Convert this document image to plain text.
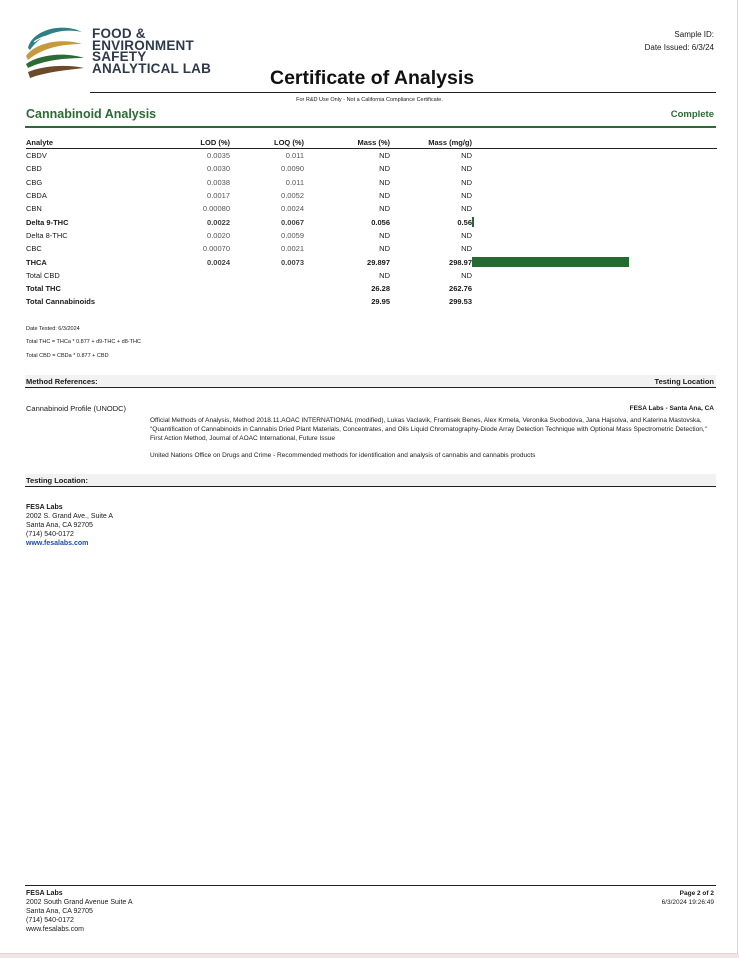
FOOD &
ENVIRONMENT
SAFETY
ANALYTICAL LAB
Sample ID:
Date Issued: 6/3/24
Certificate of Analysis
For R&D Use Only - Not a California Compliance Certificate.
Cannabinoid Analysis	Complete
Analyte	LOD (%)	LOQ (%)	Mass (%)	Mass (mg/g)	
CBDV	0.0035	0.011	ND	ND	
CBD	0.0030	0.0090	ND	ND	
CBG	0.0038	0.011	ND	ND	
CBDA	0.0017	0.0052	ND	ND	
CBN	0.00080	0.0024	ND	ND	
Delta 9-THC	0.0022	0.0067	0.056	0.56	

Delta 8-THC	0.0020	0.0059	ND	ND	
CBC	0.00070	0.0021	ND	ND	
THCA	0.0024	0.0073	29.897	298.97	

Total CBD			ND	ND	
Total THC			26.28	262.76	
Total Cannabinoids			29.95	299.53	
Date Tested: 6/3/2024
Total THC = THCa * 0.877 + d9-THC + d8-THC
Total CBD = CBDa * 0.877 + CBD
Method References:	Testing Location
Cannabinoid Profile (UNODC)	FESA Labs - Santa Ana, CA
Official Methods of Analysis, Method 2018.11.AOAC INTERNATIONAL (modified), Lukas Vaclavik, Frantisek Benes, Alex Krmela, Veronika Svobodova, Jana Hajsolva, and Katerina Mastovska, "Quantification of Cannabinoids in Cannabis Dried Plant Materials, Concentrates, and Oils Liquid Chromatography-Diode Array Detection Technique with Optional Mass Spectrometric Detection," First Action Method, Journal of AOAC International, Future Issue
United Nations Office on Drugs and Crime - Recommended methods for identification and analysis of cannabis and cannabis products
Testing Location:
FESA Labs
2002 S. Grand Ave., Suite A
Santa Ana, CA 92705
(714) 540-0172
www.fesalabs.com
FESA Labs
2002 South Grand Avenue Suite A
Santa Ana, CA 92705
(714) 540-0172
www.fesalabs.com
Page 2 of 2
6/3/2024 19:26:49
